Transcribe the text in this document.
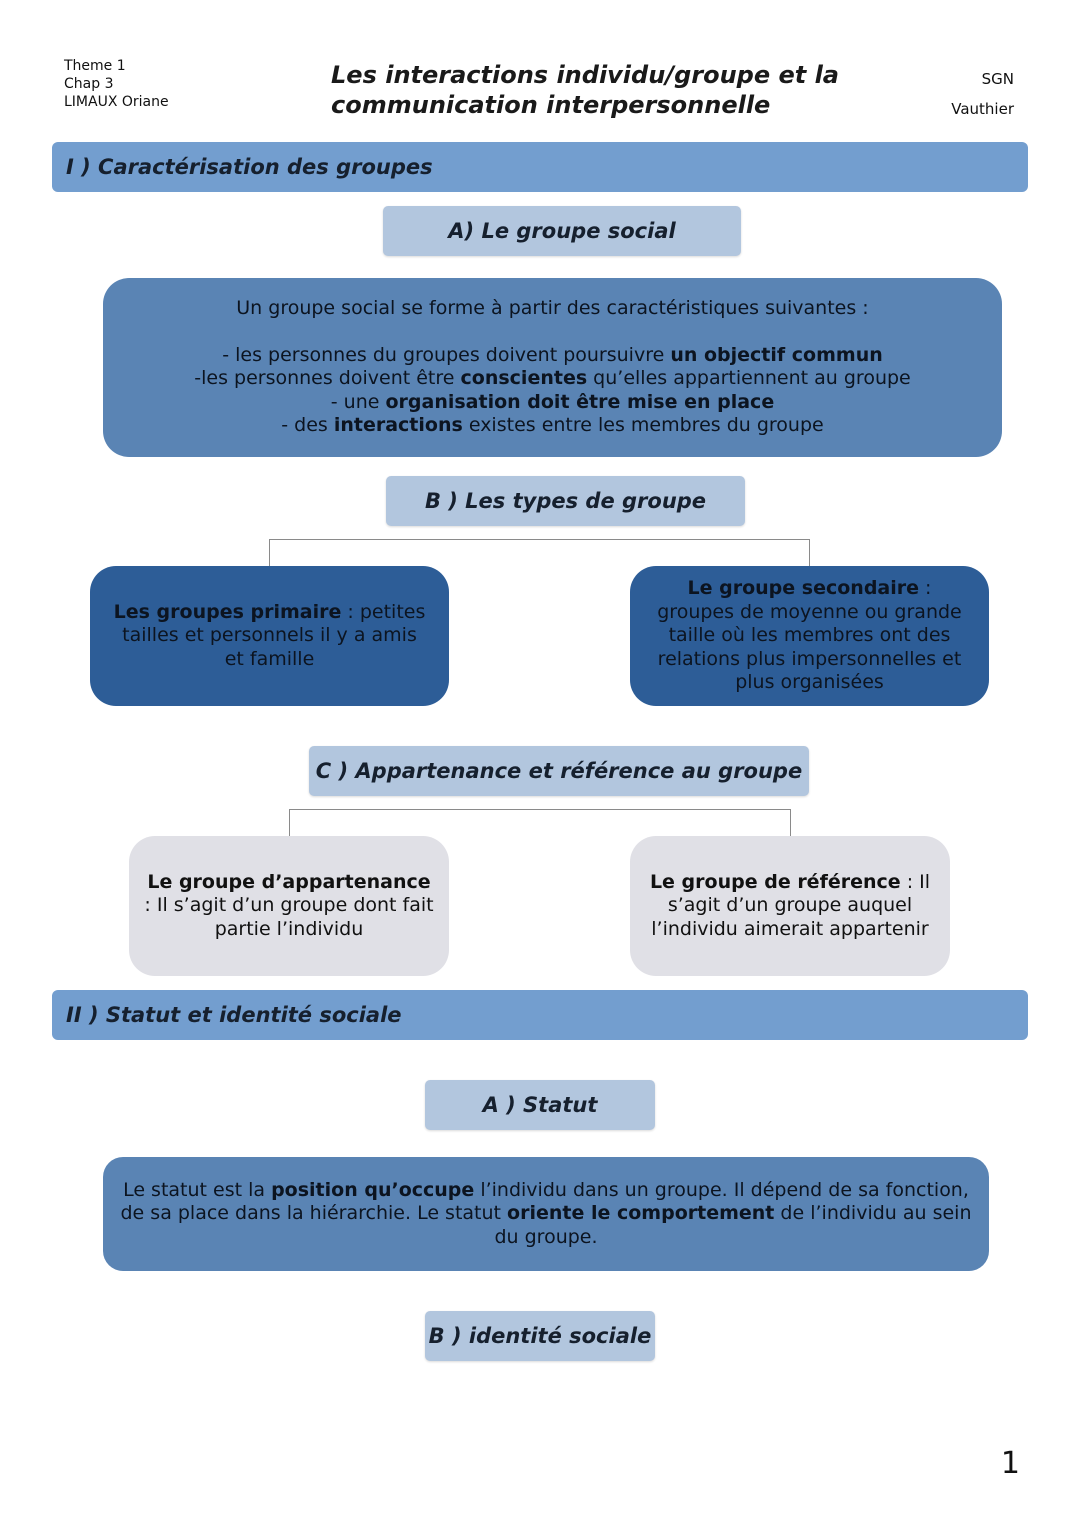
Theme 1
Chap 3
LIMAUX Oriane
Les interactions individu/groupe et la
communication interpersonnelle
SGN
Vauthier
I ) Caractérisation des groupes
A) Le groupe social

Un groupe social se forme à partir des caractéristiques suivantes :

- les personnes du groupes doivent poursuivre un objectif commun

-les personnes doivent être conscientes qu’elles appartiennent au groupe

- une organisation doit être mise en place

- des interactions existes entre les membres du groupe

B ) Les types de groupe

Les groupes primaire : petites tailles et personnels il y a amis et famille

Le groupe secondaire : groupes de moyenne ou grande taille où les membres ont des relations plus impersonnelles et plus organisées

C ) Appartenance et référence au groupe

Le groupe d’appartenance : Il s’agit d’un groupe dont fait partie l’individu

Le groupe de référence : Il s’agit d’un groupe auquel l’individu aimerait appartenir

II ) Statut et identité sociale
A ) Statut

Le statut est la position qu’occupe l’individu dans un groupe. Il dépend de sa fonction, de sa place dans la hiérarchie. Le statut oriente le comportement de l’individu au sein du groupe.

B ) identité sociale
1
